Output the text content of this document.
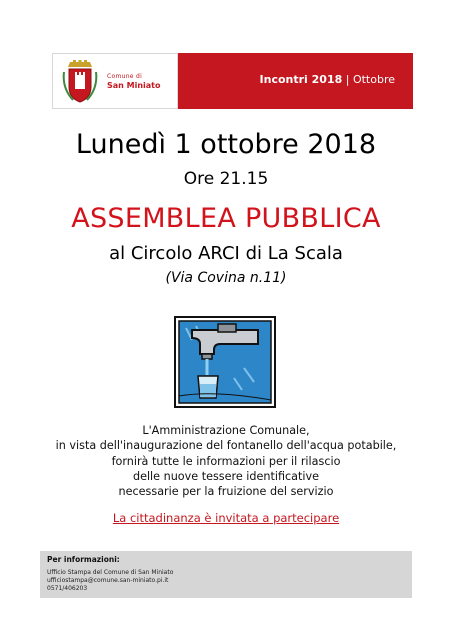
Comune di
San Miniato	Incontri 2018 | Ottobre
Lunedì 1 ottobre 2018
Ore 21.15
ASSEMBLEA PUBBLICA
al Circolo ARCI di La Scala
(Via Covina n.11)
L'Amministrazione Comunale,
in vista dell'inaugurazione del fontanello dell'acqua potabile,
fornirà tutte le informazioni per il rilascio
delle nuove tessere identificative
necessarie per la fruizione del servizio
La cittadinanza è invitata a partecipare
Per informazioni:
Ufficio Stampa del Comune di San Miniato
ufficiostampa@comune.san-miniato.pi.it
0571/406203
